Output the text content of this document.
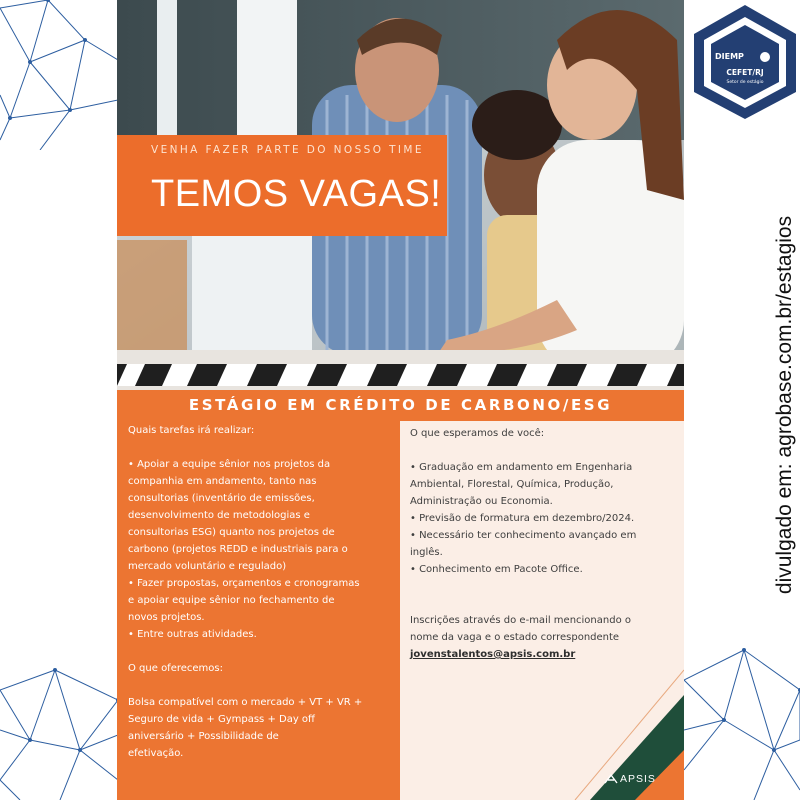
VENHA FAZER PARTE DO NOSSO TIME
TEMOS VAGAS!
ESTÁGIO EM CRÉDITO DE CARBONO/ESG

Quais tarefas irá realizar:

• Apoiar a equipe sênior nos projetos da
companhia em andamento, tanto nas
consultorias (inventário de emissões,
desenvolvimento de metodologias e
consultorias ESG) quanto nos projetos de
carbono (projetos REDD e industriais para o
mercado voluntário e regulado)
• Fazer propostas, orçamentos e cronogramas
e apoiar equipe sênior no fechamento de
novos projetos.
• Entre outras atividades.

O que oferecemos:

Bolsa compatível com o mercado + VT + VR +
Seguro de vida + Gympass + Day off
aniversário + Possibilidade de
efetivação.

O que esperamos de você:

• Graduação em andamento em Engenharia
Ambiental, Florestal, Química, Produção,
Administração ou Economia.
• Previsão de formatura em dezembro/2024.
• Necessário ter conhecimento avançado em
inglês.
• Conhecimento em Pacote Office.

Inscrições através do e-mail mencionando o
nome da vaga e o estado correspondente

jovenstalentos@apsis.com.br

APSIS
DIEMP
CEFET/RJ
Setor de estágio
divulgado em: agrobase.com.br/estagios
